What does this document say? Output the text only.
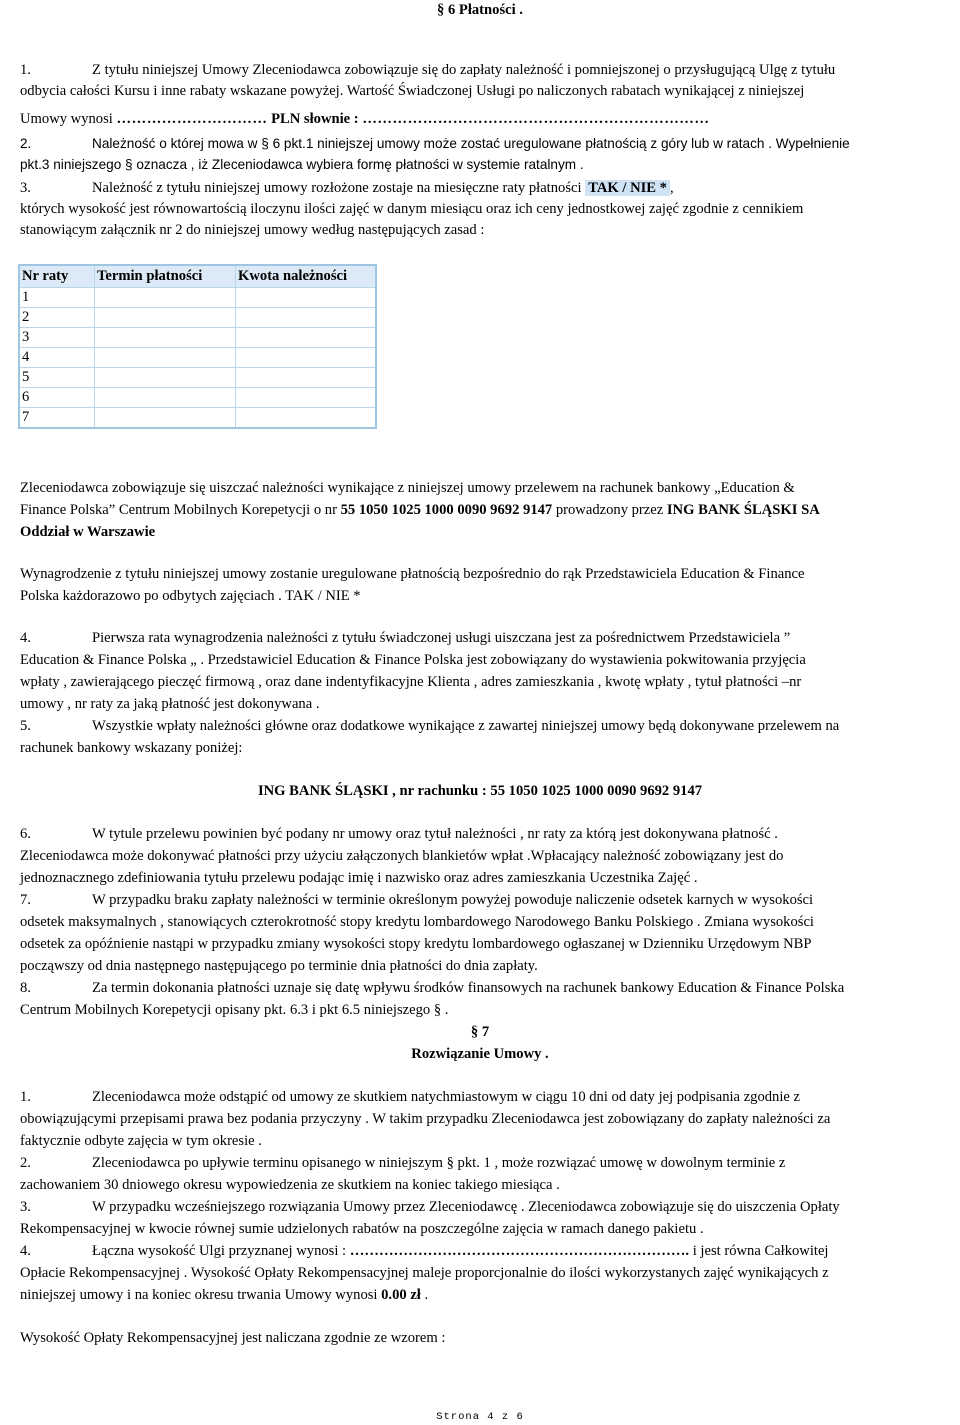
§ 6 Płatności .
1.	Z tytułu niniejszej Umowy Zleceniodawca zobowiązuje się do zapłaty należność i pomniejszonej o przysługującą Ulgę z tytułu
odbycia całości Kursu i inne rabaty wskazane powyżej. Wartość Świadczonej Usługi po naliczonych rabatach wynikającej z niniejszej
Umowy wynosi ………………………… PLN słownie : ……………………………………………………………
2.	Należność o której mowa w § 6 pkt.1 niniejszej umowy może zostać uregulowane płatnością z góry lub w ratach . Wypełnienie
pkt.3 niniejszego § oznacza , iż Zleceniodawca wybiera formę płatności w systemie ratalnym .
3.	Należność z tytułu niniejszej umowy rozłożone zostaje na miesięczne raty płatności TAK / NIE * ,
których wysokość jest równowartością iloczynu ilości zajęć w danym miesiącu oraz ich ceny jednostkowej zajęć zgodnie z cennikiem
stanowiącym załącznik nr 2 do niniejszej umowy według następujących zasad :
Nr raty	Termin płatności	Kwota należności
1		
2		
3		
4		
5		
6		
7		
Zleceniodawca zobowiązuje się uiszczać należności wynikające z niniejszej umowy przelewem na rachunek bankowy „Education &
Finance Polska” Centrum Mobilnych Korepetycji o nr 55 1050 1025 1000 0090 9692 9147 prowadzony przez ING BANK ŚLĄSKI SA
Oddział w Warszawie
Wynagrodzenie z tytułu niniejszej umowy zostanie uregulowane płatnością bezpośrednio do rąk Przedstawiciela Education & Finance
Polska każdorazowo po odbytych zajęciach . TAK / NIE *
4.	Pierwsza rata wynagrodzenia należności z tytułu świadczonej usługi uiszczana jest za pośrednictwem Przedstawiciela ”
Education & Finance Polska „ . Przedstawiciel Education & Finance Polska jest zobowiązany do wystawienia pokwitowania przyjęcia
wpłaty , zawierającego pieczęć firmową , oraz dane indentyfikacyjne Klienta , adres zamieszkania , kwotę wpłaty , tytuł płatności –nr
umowy , nr raty za jaką płatność jest dokonywana .
5.	Wszystkie wpłaty należności główne oraz dodatkowe wynikające z zawartej niniejszej umowy będą dokonywane przelewem na
rachunek bankowy wskazany poniżej:
ING BANK ŚLĄSKI , nr rachunku : 55 1050 1025 1000 0090 9692 9147
6.	W tytule przelewu powinien być podany nr umowy oraz tytuł należności , nr raty za którą jest dokonywana płatność .
Zleceniodawca może dokonywać płatności przy użyciu załączonych blankietów wpłat .Wpłacający należność zobowiązany jest do
jednoznacznego zdefiniowania tytułu przelewu podając imię i nazwisko oraz adres zamieszkania Uczestnika Zajęć .
7.	W przypadku braku zapłaty należności w terminie określonym powyżej powoduje naliczenie odsetek karnych w wysokości
odsetek maksymalnych , stanowiących czterokrotność stopy kredytu lombardowego Narodowego Banku Polskiego . Zmiana wysokości
odsetek za opóźnienie nastąpi w przypadku zmiany wysokości stopy kredytu lombardowego ogłaszanej w Dzienniku Urzędowym NBP
począwszy od dnia następnego następującego po terminie dnia płatności do dnia zapłaty.
8.	Za termin dokonania płatności uznaje się datę wpływu środków finansowych na rachunek bankowy Education & Finance Polska
Centrum Mobilnych Korepetycji opisany pkt. 6.3 i pkt 6.5 niniejszego § .
§ 7
Rozwiązanie Umowy .
1.	Zleceniodawca może odstąpić od umowy ze skutkiem natychmiastowym w ciągu 10 dni od daty jej podpisania zgodnie z
obowiązującymi przepisami prawa bez podania przyczyny . W takim przypadku Zleceniodawca jest zobowiązany do zapłaty należności za
faktycznie odbyte zajęcia w tym okresie .
2.	Zleceniodawca po upływie terminu opisanego w niniejszym § pkt. 1 , może rozwiązać umowę w dowolnym terminie z
zachowaniem 30 dniowego okresu wypowiedzenia ze skutkiem na koniec takiego miesiąca .
3.	W przypadku wcześniejszego rozwiązania Umowy przez Zleceniodawcę . Zleceniodawca zobowiązuje się do uiszczenia Opłaty
Rekompensacyjnej w kwocie równej sumie udzielonych rabatów na poszczególne zajęcia w ramach danego pakietu .
4.	Łączna wysokość Ulgi przyznanej wynosi : ……………………………………………………………. i jest równa Całkowitej
Opłacie Rekompensacyjnej . Wysokość Opłaty Rekompensacyjnej maleje proporcjonalnie do ilości wykorzystanych zajęć wynikających z
niniejszej umowy i na koniec okresu trwania Umowy wynosi 0.00 zł .
Wysokość Opłaty Rekompensacyjnej jest naliczana zgodnie ze wzorem :
Strona 4 z 6
